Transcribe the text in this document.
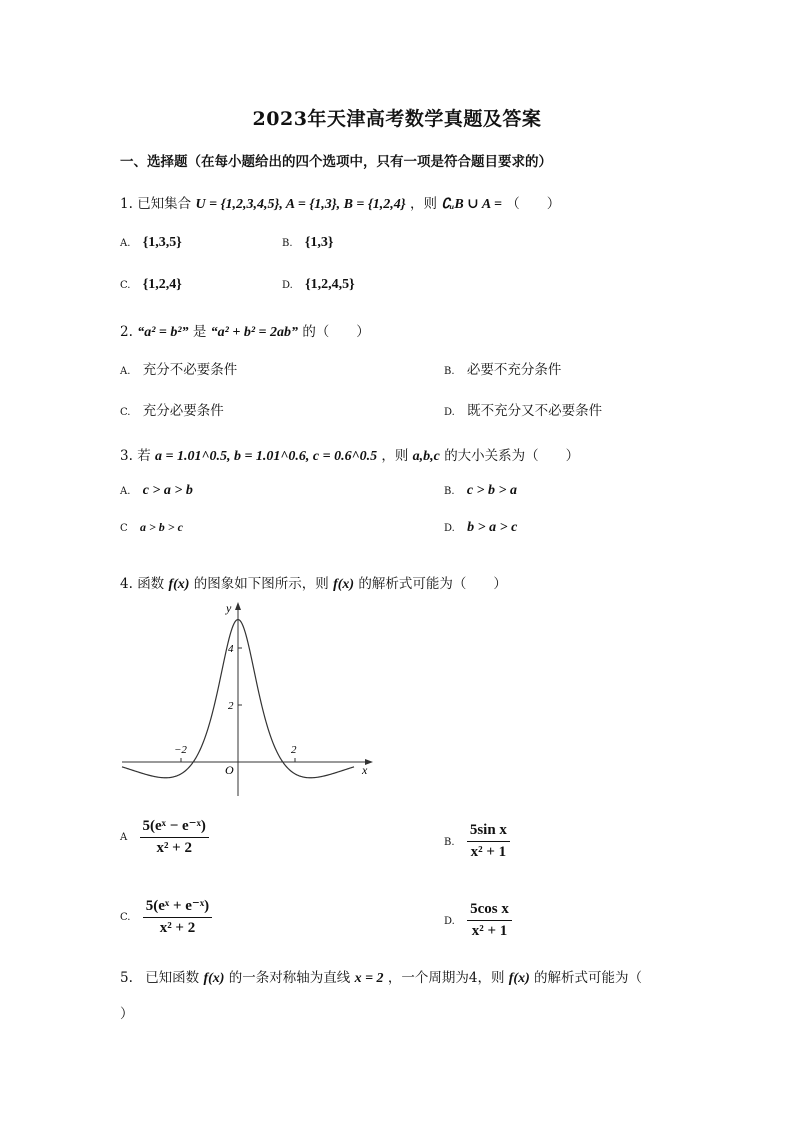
2023年天津高考数学真题及答案
一、选择题（在每小题给出的四个选项中，只有一项是符合题目要求的）
1. 已知集合 U = {1,2,3,4,5}, A = {1,3}, B = {1,2,4} ，则 ∁ᵤB ∪ A = （　　）
A. {1,3,5}	B. {1,3}
C. {1,2,4}	D. {1,2,4,5}
2. “a² = b²” 是 “a² + b² = 2ab” 的（　　）
A. 充分不必要条件	B. 必要不充分条件
C. 充分必要条件	D. 既不充分又不必要条件
3. 若 a = 1.01^0.5, b = 1.01^0.6, c = 0.6^0.5 ，则 a,b,c 的大小关系为（　　）
A. c > a > b	B. c > b > a
C a > b > c	D. b > a > c
4. 函数 f(x) 的图象如下图所示，则 f(x) 的解析式可能为（　　）
y
x
O
−2	2
4
2
A $\frac{\text{5(eˣ − e⁻ˣ)}}{\text{x² + 2}}$	B. $\frac{\text{5sin x}}{\text{x² + 1}}$
C. $\frac{\text{5(eˣ + e⁻ˣ)}}{\text{x² + 2}}$	D. $\frac{\text{5cos x}}{\text{x² + 1}}$
5. 已知函数 f(x) 的一条对称轴为直线 x = 2 ，一个周期为4，则 f(x) 的解析式可能为（
）
